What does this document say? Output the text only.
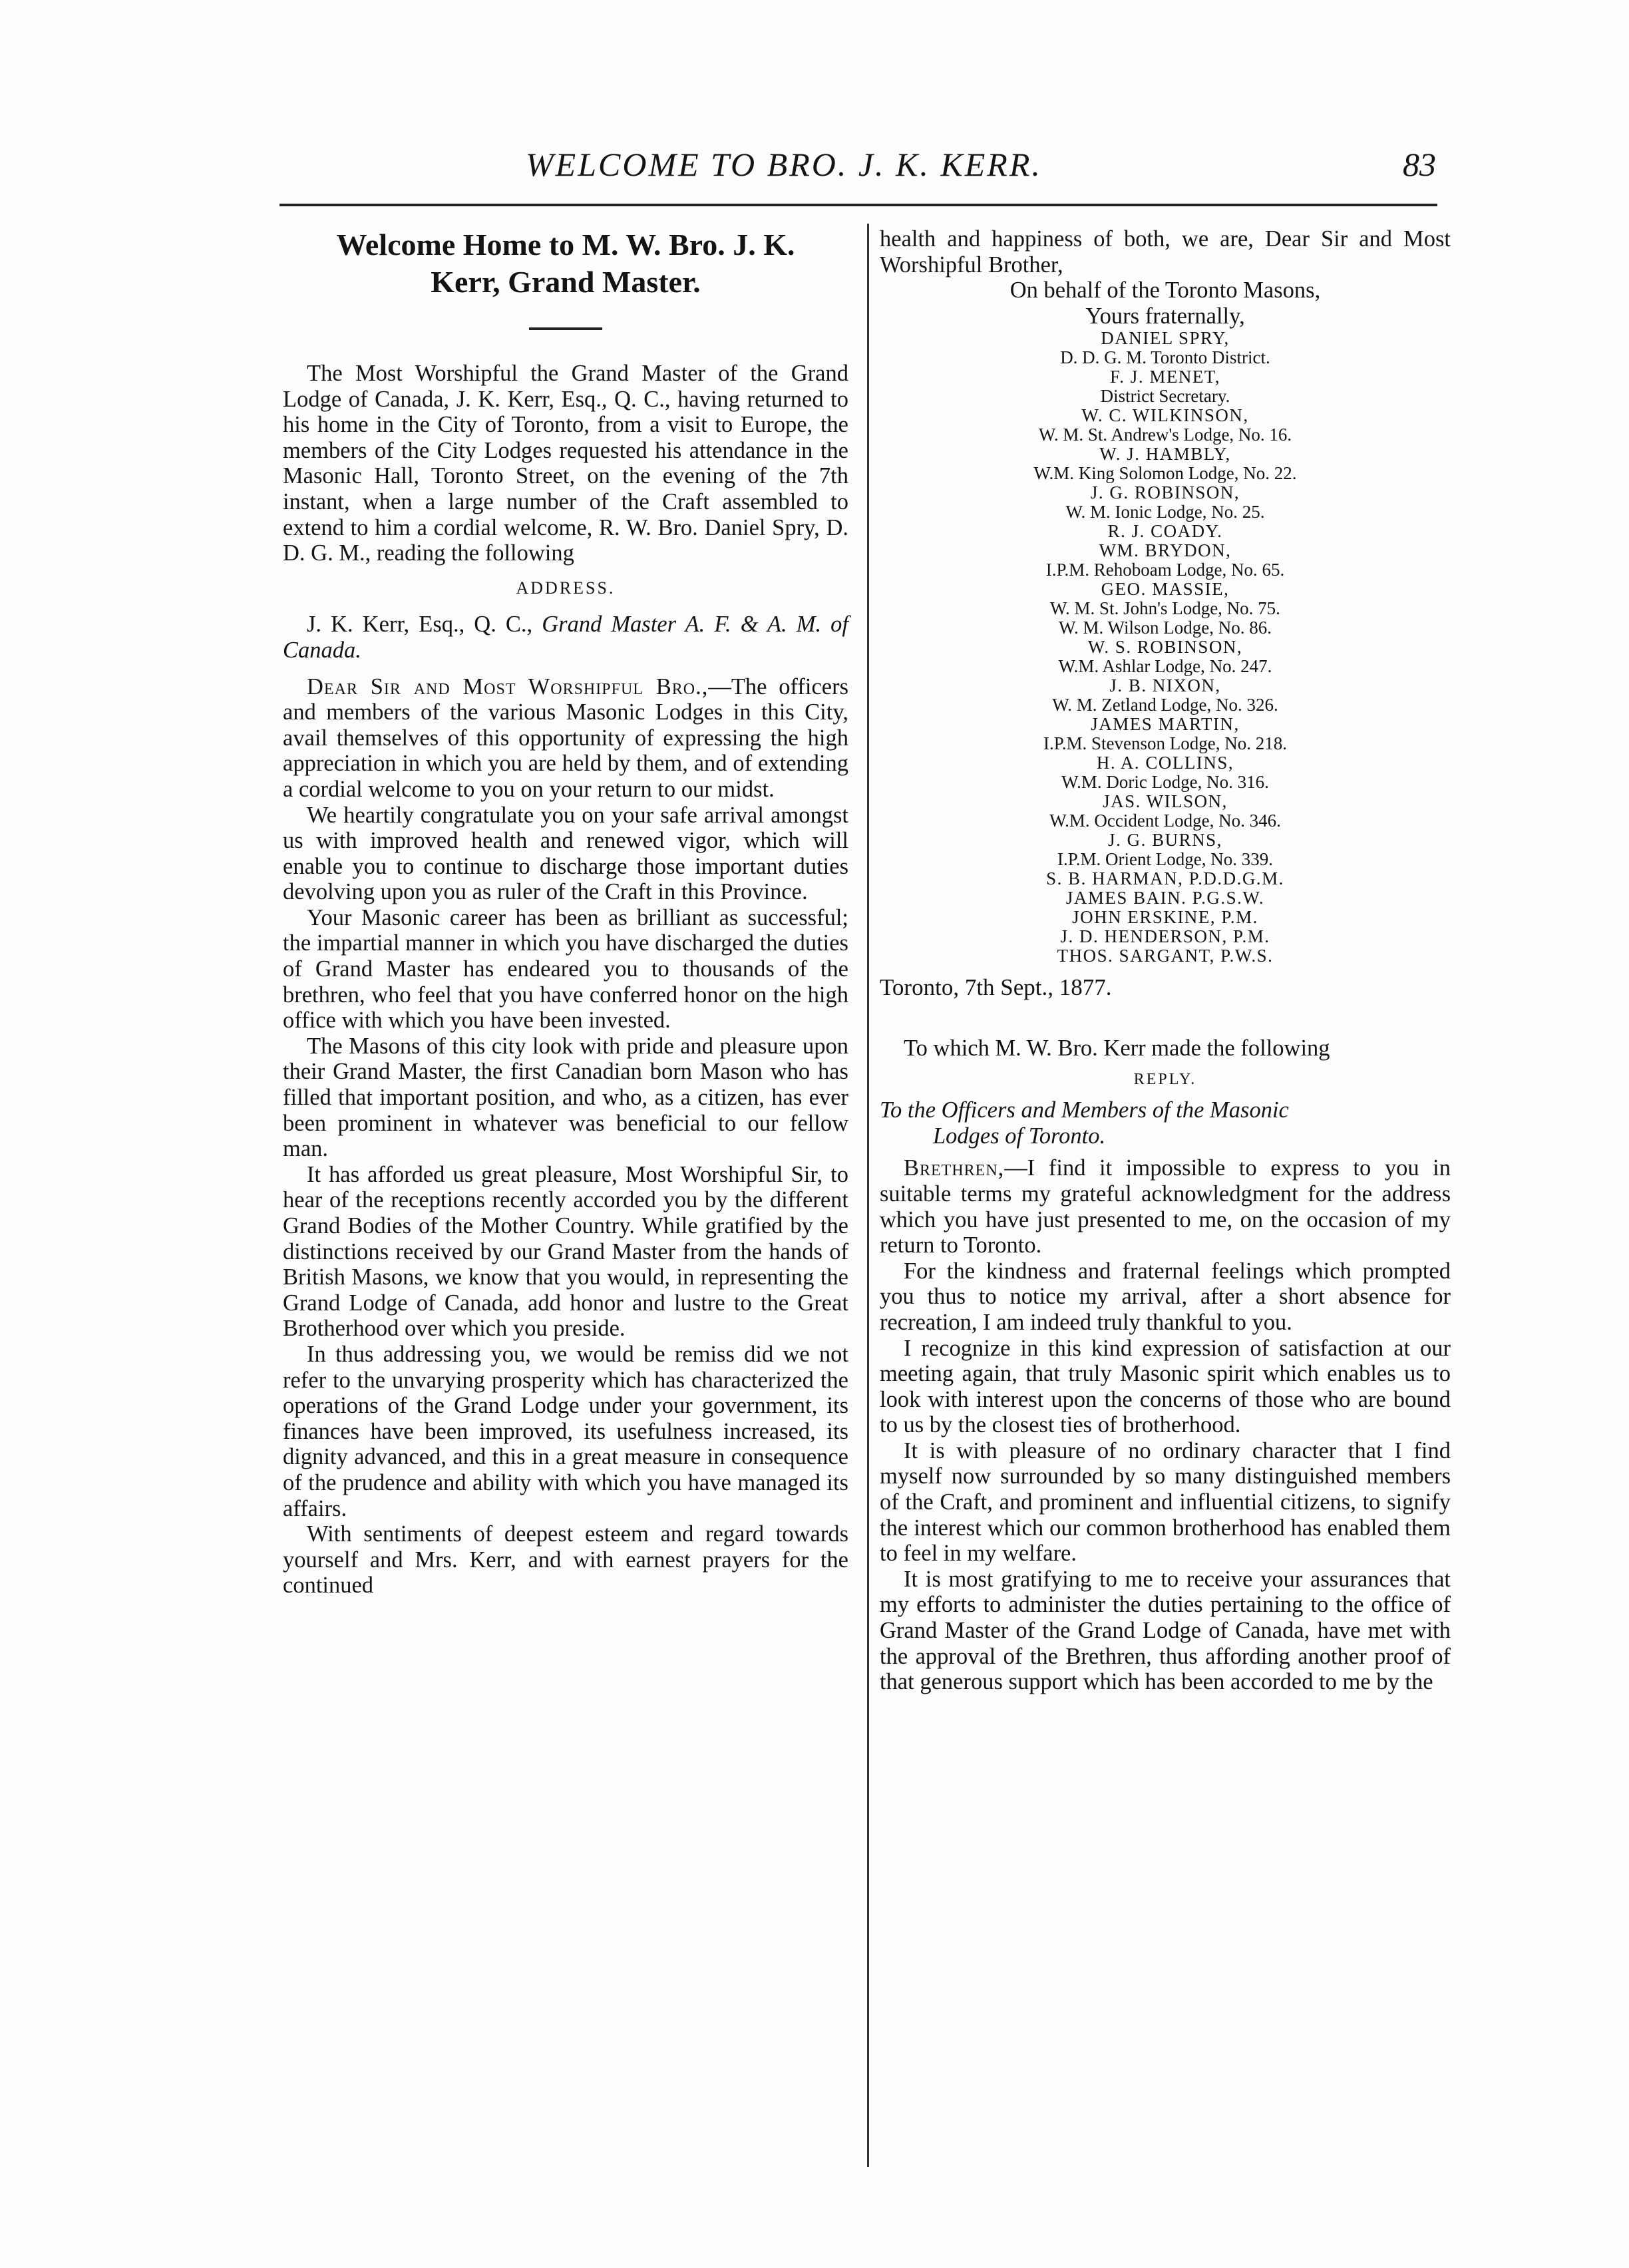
WELCOME TO BRO. J. K. KERR.	83
Welcome Home to M. W. Bro. J. K.
Kerr, Grand Master.

The Most Worshipful the Grand Master of the Grand Lodge of Canada, J. K. Kerr, Esq., Q. C., having returned to his home in the City of Toronto, from a visit to Europe, the members of the City Lodges requested his attendance in the Masonic Hall, Toronto Street, on the evening of the 7th instant, when a large number of the Craft assembled to extend to him a cordial welcome, R. W. Bro. Daniel Spry, D. D. G. M., reading the following

ADDRESS.

J. K. Kerr, Esq., Q. C., Grand Master A. F. & A. M. of Canada.

Dear Sir and Most Worshipful Bro.,—The officers and members of the various Masonic Lodges in this City, avail themselves of this opportunity of expressing the high appreciation in which you are held by them, and of extending a cordial welcome to you on your return to our midst.

We heartily congratulate you on your safe arrival amongst us with improved health and renewed vigor, which will enable you to continue to discharge those important duties devolving upon you as ruler of the Craft in this Province.

Your Masonic career has been as brilliant as successful; the impartial manner in which you have discharged the duties of Grand Master has endeared you to thousands of the brethren, who feel that you have conferred honor on the high office with which you have been invested.

The Masons of this city look with pride and pleasure upon their Grand Master, the first Canadian born Mason who has filled that important position, and who, as a citizen, has ever been prominent in whatever was beneficial to our fellow man.

It has afforded us great pleasure, Most Worshipful Sir, to hear of the receptions recently accorded you by the different Grand Bodies of the Mother Country. While gratified by the distinctions received by our Grand Master from the hands of British Masons, we know that you would, in representing the Grand Lodge of Canada, add honor and lustre to the Great Brotherhood over which you preside.

In thus addressing you, we would be remiss did we not refer to the unvarying prosperity which has characterized the operations of the Grand Lodge under your government, its finances have been improved, its usefulness increased, its dignity advanced, and this in a great measure in consequence of the prudence and ability with which you have managed its affairs.

With sentiments of deepest esteem and regard towards yourself and Mrs. Kerr, and with earnest prayers for the continued

health and happiness of both, we are, Dear Sir and Most Worshipful Brother,

On behalf of the Toronto Masons,

Yours fraternally,

DANIEL SPRY,

D. D. G. M. Toronto District.

F. J. MENET,

District Secretary.

W. C. WILKINSON,

W. M. St. Andrew's Lodge, No. 16.

W. J. HAMBLY,

W.M. King Solomon Lodge, No. 22.

J. G. ROBINSON,

W. M. Ionic Lodge, No. 25.

R. J. COADY.

WM. BRYDON,

I.P.M. Rehoboam Lodge, No. 65.

GEO. MASSIE,

W. M. St. John's Lodge, No. 75.

W. M. Wilson Lodge, No. 86.

W. S. ROBINSON,

W.M. Ashlar Lodge, No. 247.

J. B. NIXON,

W. M. Zetland Lodge, No. 326.

JAMES MARTIN,

I.P.M. Stevenson Lodge, No. 218.

H. A. COLLINS,

W.M. Doric Lodge, No. 316.

JAS. WILSON,

W.M. Occident Lodge, No. 346.

J. G. BURNS,

I.P.M. Orient Lodge, No. 339.

S. B. HARMAN, P.D.D.G.M.

JAMES BAIN. P.G.S.W.

JOHN ERSKINE, P.M.

J. D. HENDERSON, P.M.

THOS. SARGANT, P.W.S.

Toronto, 7th Sept., 1877.

To which M. W. Bro. Kerr made the following

REPLY.

To the Officers and Members of the Masonic
Lodges of Toronto.

Brethren,—I find it impossible to express to you in suitable terms my grateful acknowledgment for the address which you have just presented to me, on the occasion of my return to Toronto.

For the kindness and fraternal feelings which prompted you thus to notice my arrival, after a short absence for recreation, I am indeed truly thankful to you.

I recognize in this kind expression of satisfaction at our meeting again, that truly Masonic spirit which enables us to look with interest upon the concerns of those who are bound to us by the closest ties of brotherhood.

It is with pleasure of no ordinary character that I find myself now surrounded by so many distinguished members of the Craft, and prominent and influential citizens, to signify the interest which our common brotherhood has enabled them to feel in my welfare.

It is most gratifying to me to receive your assurances that my efforts to administer the duties pertaining to the office of Grand Master of the Grand Lodge of Canada, have met with the approval of the Brethren, thus affording another proof of that generous support which has been accorded to me by the
